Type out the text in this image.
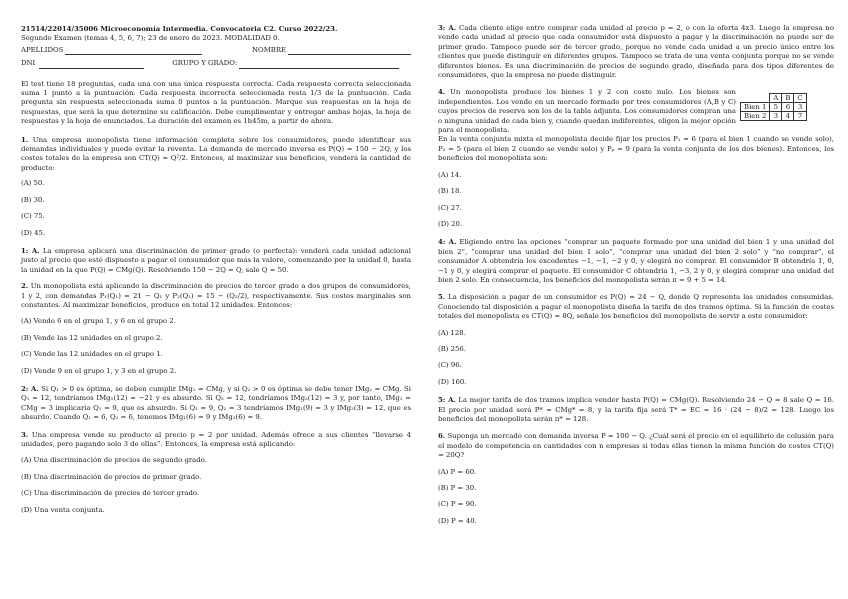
21514/22014/35006 Microeconomía Intermedia. Convocatoria C2. Curso 2022/23.

Segundo Examen (temas 4, 5, 6, 7); 23 de enero de 2023. MODALIDAD 0.

APELLIDOS	NOMBRE
DNI	GRUPO Y GRADO:

El test tiene 18 preguntas, cada una con una única respuesta correcta. Cada respuesta correcta seleccionada suma 1 punto a la puntuación. Cada respuesta incorrecta seleccionada resta 1/3 de la puntuación. Cada pregunta sin respuesta seleccionada suma 0 puntos a la puntuación. Marque sus respuestas en la hoja de respuestas, que será la que determine su calificación. Debe cumplimentar y entregar ambas hojas, la hoja de respuestas y la hoja de enunciados. La duración del examen es 1h45m, a partir de ahora.

1. Una empresa monopolista tiene información completa sobre los consumidores, puede identificar sus demandas individuales y puede evitar la reventa. La demanda de mercado inversa es P(Q) = 150 − 2Q, y los costes totales de la empresa son CT(Q) = Q²/2. Entonces, al maximizar sus beneficios, venderá la cantidad de producto:
(A) 50.
(B) 30.
(C) 75.
(D) 45.
1: A. La empresa aplicará una discriminación de primer grado (o perfecta): venderá cada unidad adicional justo al precio que esté dispuesto a pagar el consumidor que más la valore, comenzando por la unidad 0, hasta la unidad en la que P(Q) = CMg(Q). Resolviendo 150 − 2Q = Q, sale Q = 50.
2. Un monopolista está aplicando la discriminación de precios de tercer grado a dos grupos de consumidores, 1 y 2, con demandas P₁(Q₁) = 21 − Q₁ y P₂(Q₂) = 15 − (Q₂/2), respectivamente. Sus costes marginales son constantes. Al maximizar beneficios, produce en total 12 unidades. Entonces:
(A) Vende 6 en el grupo 1, y 6 en el grupo 2.
(B) Vende las 12 unidades en el grupo 2.
(C) Vende las 12 unidades en el grupo 1.
(D) Vende 9 en el grupo 1, y 3 en el grupo 2.
2: A. Si Q₁ > 0 es óptima, se deben cumplir IMg₁ = CMg, y si Q₂ > 0 es óptima se debe tener IMg₂ = CMg. Si Q₁ = 12, tendríamos IMg₁(12) = −21 y es absurdo. Si Q₂ = 12, tendríamos IMg₂(12) = 3 y, por tanto, IMg₁ = CMg = 3 implicaría Q₁ = 9, que es absurdo. Si Q₁ = 9, Q₂ = 3 tendríamos IMg₁(9) = 3 y IMg₂(3) = 12, que es absurdo. Cuando Q₁ = 6, Q₂ = 6, tenemos IMg₁(6) = 9 y IMg₂(6) = 9.
3. Una empresa vende su producto al precio p = 2 por unidad. Además ofrece a sus clientes “llevarse 4 unidades, pero pagando solo 3 de ellas”. Entonces, la empresa está aplicando:
(A) Una discriminación de precios de segundo grado.
(B) Una discriminación de precios de primer grado.
(C) Una discriminación de precios de tercer grado.
(D) Una venta conjunta.
3: A. Cada cliente elige entre comprar cada unidad al precio p = 2, o con la oferta 4x3. Luego la empresa no vende cada unidad al precio que cada consumidor está dispuesto a pagar y la discriminación no puede ser de primer grado. Tampoco puede ser de tercer grado, porque no vende cada unidad a un precio único entre los clientes que puede distinguir en diferentes grupos. Tampoco se trata de una venta conjunta porque no se vende diferentes bienes. Es una discriminación de precios de segundo grado, diseñada para dos tipos diferentes de consumidores, que la empresa no puede distinguir.
4. Un monopolista produce los bienes 1 y 2 con coste nulo. Los bienes son independientes. Los vende en un mercado formado por tres consumidores (A,B y C) cuyos precios de reserva son los de la tabla adjunta. Los consumidores compran una o ninguna unidad de cada bien y, cuando quedan indiferentes, eligen la mejor opción para el monopolista.
	A	B	C
Bien 1	5	6	3
Bien 2	3	4	7

En la venta conjunta mixta el monopolista decide fijar los precios P₁ = 6 (para el bien 1 cuando se vende solo), P₂ = 5 (para el bien 2 cuando se vende solo) y Pₚ = 9 (para la venta conjunta de los dos bienes). Entonces, los beneficios del monopolista son:

(A) 14.
(B) 18.
(C) 27.
(D) 20.
4: A. Eligiendo entre las opciones “comprar un paquete formado por una unidad del bien 1 y una unidad del bien 2”, “comprar una unidad del bien 1 solo”, “comprar una unidad del bien 2 solo” y “no comprar”, el consumidor A obtendría los excedentes −1, −1, −2 y 0, y elegirá no comprar. El consumidor B obtendría 1, 0, −1 y 0, y elegirá comprar el paquete. El consumidor C obtendría 1, −3, 2 y 0, y elegirá comprar una unidad del bien 2 solo. En consecuencia, los beneficios del monopolista serán π = 9 + 5 = 14.
5. La disposición a pagar de un consumidor es P(Q) = 24 − Q, donde Q representa las unidades consumidas. Conociendo tal disposición a pagar el monopolista diseña la tarifa de dos tramos óptima. Si la función de costes totales del monopolista es CT(Q) = 8Q, señale los beneficios del monopolista de servir a este consumidor:
(A) 128.
(B) 256.
(C) 96.
(D) 160.
5: A. La mejor tarifa de dos tramos implica vender hasta P(Q) = CMg(Q). Resolviendo 24 − Q = 8 sale Q = 16. El precio por unidad será P* = CMg* = 8, y la tarifa fija será T* = EC = 16 · (24 − 8)/2 = 128. Luego los beneficios del monopolista serán π* = 128.
6. Suponga un mercado con demanda inversa P = 100 − Q. ¿Cuál será el precio en el equilibrio de colusión para el modelo de competencia en cantidades con n empresas si todas ellas tienen la misma función de costes CT(Q) = 20Q?
(A) P = 60.
(B) P = 30.
(C) P = 90.
(D) P = 40.
